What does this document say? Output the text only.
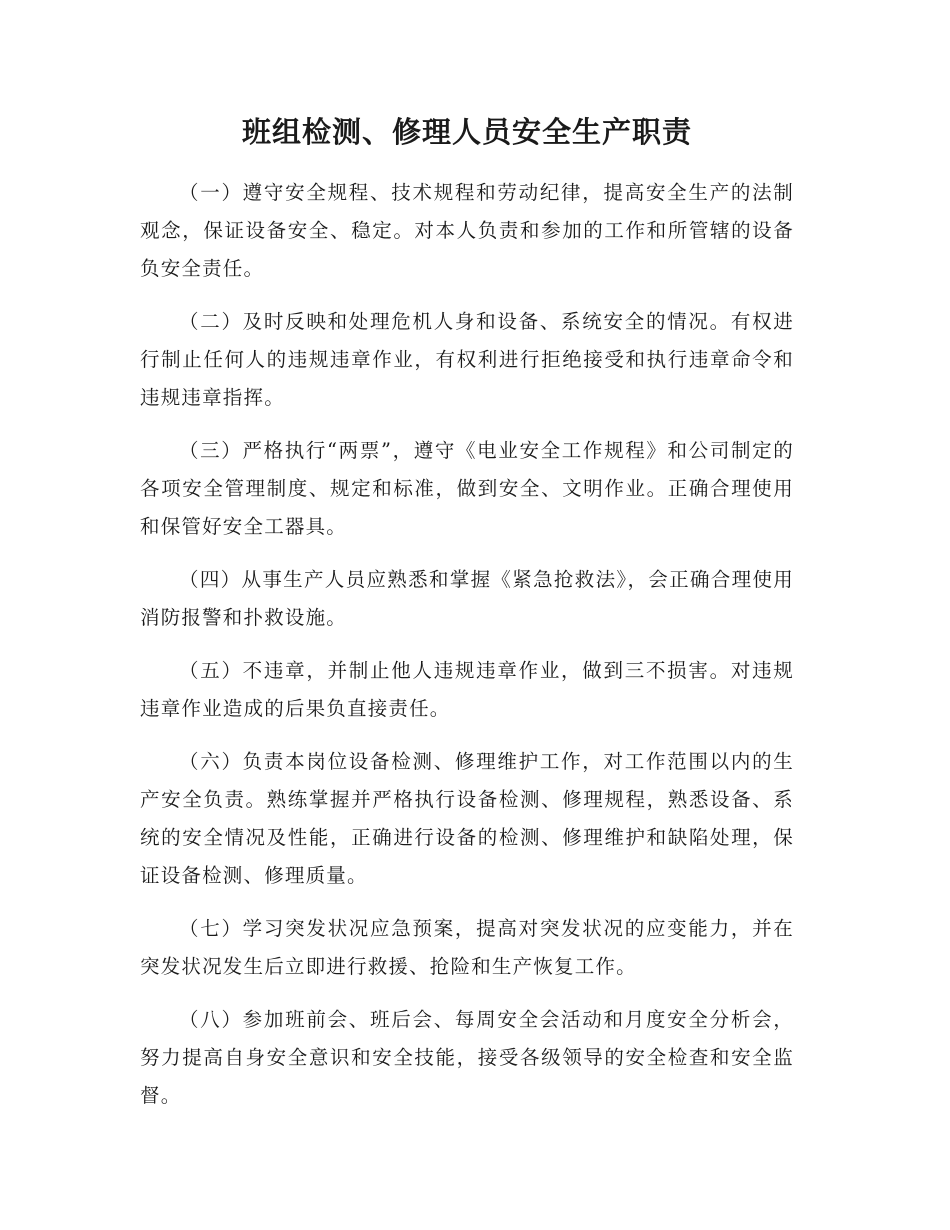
班组检测、修理人员安全生产职责

（一）遵守安全规程、技术规程和劳动纪律，提高安全生产的法制观念，保证设备安全、稳定。对本人负责和参加的工作和所管辖的设备负安全责任。

（二）及时反映和处理危机人身和设备、系统安全的情况。有权进行制止任何人的违规违章作业，有权利进行拒绝接受和执行违章命令和违规违章指挥。

（三）严格执行“两票”，遵守《电业安全工作规程》和公司制定的各项安全管理制度、规定和标准，做到安全、文明作业。正确合理使用和保管好安全工器具。

（四）从事生产人员应熟悉和掌握《紧急抢救法》，会正确合理使用消防报警和扑救设施。

（五）不违章，并制止他人违规违章作业，做到三不损害。对违规违章作业造成的后果负直接责任。

（六）负责本岗位设备检测、修理维护工作，对工作范围以内的生产安全负责。熟练掌握并严格执行设备检测、修理规程，熟悉设备、系统的安全情况及性能，正确进行设备的检测、修理维护和缺陷处理，保证设备检测、修理质量。

（七）学习突发状况应急预案，提高对突发状况的应变能力，并在突发状况发生后立即进行救援、抢险和生产恢复工作。

（八）参加班前会、班后会、每周安全会活动和月度安全分析会，努力提高自身安全意识和安全技能，接受各级领导的安全检查和安全监督。
